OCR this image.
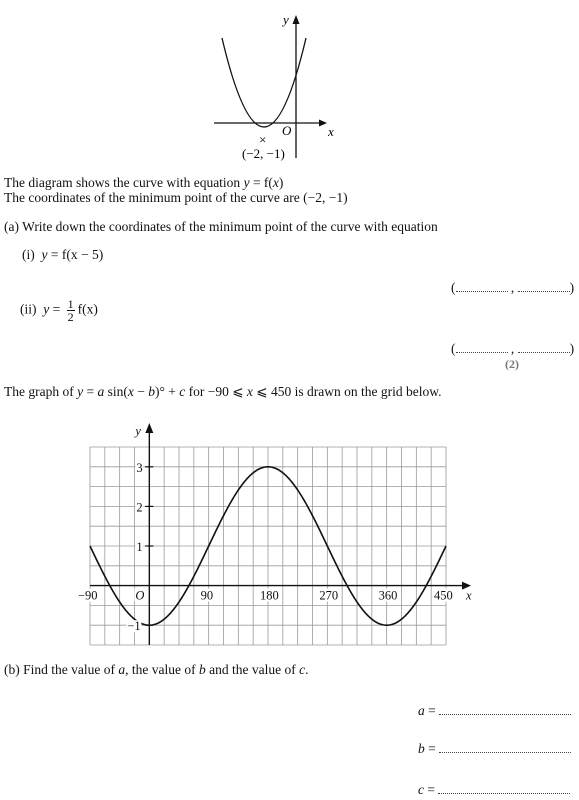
y
x
O
×
(−2, −1)
The diagram shows the curve with equation y = f(x)
The coordinates of the minimum point of the curve are (−2, −1)
(a) Write down the coordinates of the minimum point of the curve with equation
(i) y = f(x − 5)
(	,	)
(ii) $y = \frac{1}{2} f(x)$
(	,	)
(2)
The graph of y = a sin(x − b)° + c for −90 ⩽ x ⩽ 450 is drawn on the grid below.
−90	O	90	180	270	360	450
−1
1
2
3
x
y
(b) Find the value of a, the value of b and the value of c.
a =
b =
c =
